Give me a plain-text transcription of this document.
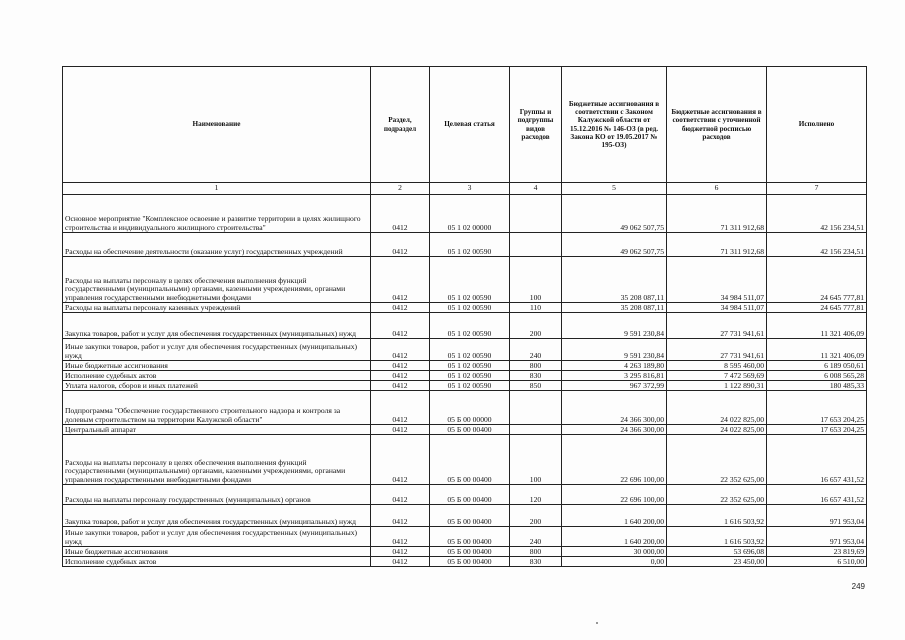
Наименование	Раздел, подраздел	Целевая статья	Группы и подгруппы видов расходов	Бюджетные ассигнования в соответствии с Законом Калужской области от 15.12.2016 № 146-ОЗ (в ред. Закона КО от 19.05.2017 № 195-ОЗ)	Бюджетные ассигнования в соответствии с уточненной бюджетной росписью расходов	Исполнено
1	2	3	4	5	6	7
Основное мероприятие "Комплексное освоение и развитие территории в целях жилищного строительства и индивидуального жилищного строительства"	0412	05 1 02 00000		49 062 507,75	71 311 912,68	42 156 234,51
Расходы на обеспечение деятельности (оказание услуг) государственных учреждений	0412	05 1 02 00590		49 062 507,75	71 311 912,68	42 156 234,51
Расходы на выплаты персоналу в целях обеспечения выполнения функций государственными (муниципальными) органами, казенными учреждениями, органами управления государственными внебюджетными фондами	0412	05 1 02 00590	100	35 208 087,11	34 984 511,07	24 645 777,81
Расходы на выплаты персоналу казенных учреждений	0412	05 1 02 00590	110	35 208 087,11	34 984 511,07	24 645 777,81
Закупка товаров, работ и услуг для обеспечения государственных (муниципальных) нужд	0412	05 1 02 00590	200	9 591 230,84	27 731 941,61	11 321 406,09
Иные закупки товаров, работ и услуг для обеспечения государственных (муниципальных) нужд	0412	05 1 02 00590	240	9 591 230,84	27 731 941,61	11 321 406,09
Иные бюджетные ассигнования	0412	05 1 02 00590	800	4 263 189,80	8 595 460,00	6 189 050,61
Исполнение судебных актов	0412	05 1 02 00590	830	3 295 816,81	7 472 569,69	6 008 565,28
Уплата налогов, сборов и иных платежей	0412	05 1 02 00590	850	967 372,99	1 122 890,31	180 485,33
Подпрограмма "Обеспечение государственного строительного надзора и контроля за долевым строительством на территории Калужской области"	0412	05 Б 00 00000		24 366 300,00	24 022 825,00	17 653 204,25
Центральный аппарат	0412	05 Б 00 00400		24 366 300,00	24 022 825,00	17 653 204,25
Расходы на выплаты персоналу в целях обеспечения выполнения функций государственными (муниципальными) органами, казенными учреждениями, органами управления государственными внебюджетными фондами	0412	05 Б 00 00400	100	22 696 100,00	22 352 625,00	16 657 431,52
Расходы на выплаты персоналу государственных (муниципальных) органов	0412	05 Б 00 00400	120	22 696 100,00	22 352 625,00	16 657 431,52
Закупка товаров, работ и услуг для обеспечения государственных (муниципальных) нужд	0412	05 Б 00 00400	200	1 640 200,00	1 616 503,92	971 953,04
Иные закупки товаров, работ и услуг для обеспечения государственных (муниципальных) нужд	0412	05 Б 00 00400	240	1 640 200,00	1 616 503,92	971 953,04
Иные бюджетные ассигнования	0412	05 Б 00 00400	800	30 000,00	53 696,08	23 819,69
Исполнение судебных актов	0412	05 Б 00 00400	830	0,00	23 450,00	6 510,00
249
